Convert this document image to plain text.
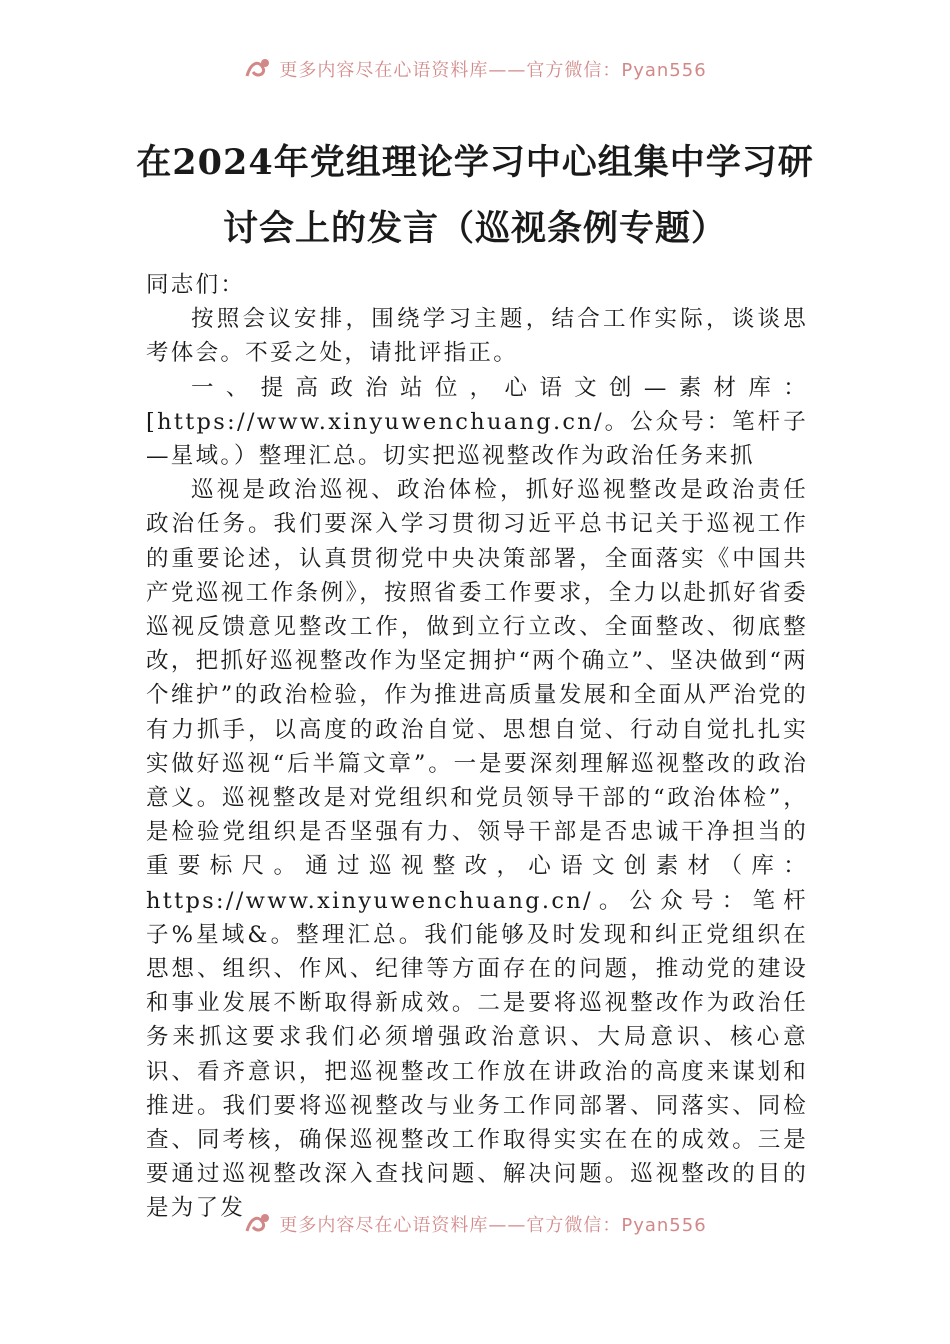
更多内容尽在心语资料库——官方微信：Pyan556
在2024年党组理论学习中心组集中学习研
讨会上的发言（巡视条例专题）

同志们：

按照会议安排，围绕学习主题，结合工作实际，谈谈思考体会。不妥之处，请批评指正。

一、提高政治站位，心语文创—素材库：[https://www.xinyuwenchuang.cn/。公众号：笔杆子—星域。）整理汇总。切实把巡视整改作为政治任务来抓

巡视是政治巡视、政治体检，抓好巡视整改是政治责任政治任务。我们要深入学习贯彻习近平总书记关于巡视工作的重要论述，认真贯彻党中央决策部署，全面落实《中国共产党巡视工作条例》，按照省委工作要求，全力以赴抓好省委巡视反馈意见整改工作，做到立行立改、全面整改、彻底整改，把抓好巡视整改作为坚定拥护“两个确立”、坚决做到“两个维护”的政治检验，作为推进高质量发展和全面从严治党的有力抓手，以高度的政治自觉、思想自觉、行动自觉扎扎实实做好巡视“后半篇文章”。一是要深刻理解巡视整改的政治意义。巡视整改是对党组织和党员领导干部的“政治体检”，是检验党组织是否坚强有力、领导干部是否忠诚干净担当的重要标尺。通过巡视整改，心语文创素材（库：https://www.xinyuwenchuang.cn/。公众号：笔杆子%星域&。整理汇总。我们能够及时发现和纠正党组织在思想、组织、作风、纪律等方面存在的问题，推动党的建设和事业发展不断取得新成效。二是要将巡视整改作为政治任务来抓这要求我们必须增强政治意识、大局意识、核心意识、看齐意识，把巡视整改工作放在讲政治的高度来谋划和推进。我们要将巡视整改与业务工作同部署、同落实、同检查、同考核，确保巡视整改工作取得实实在在的成效。三是要通过巡视整改深入查找问题、解决问题。巡视整改的目的是为了发

更多内容尽在心语资料库——官方微信：Pyan556
